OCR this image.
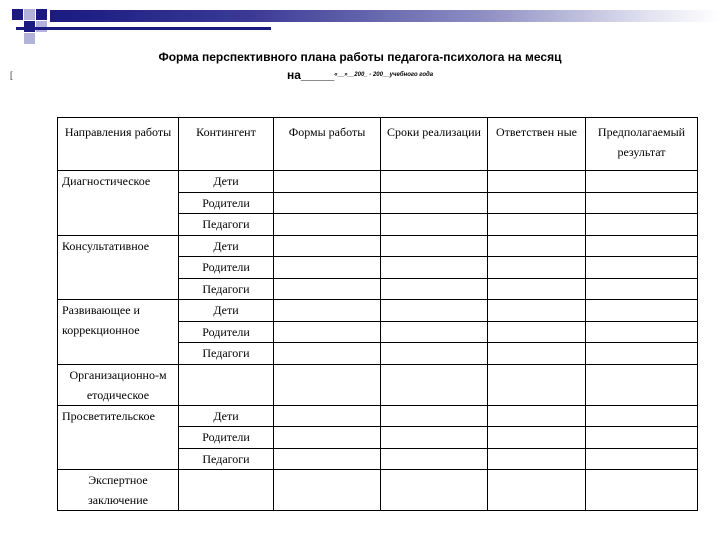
Форма перспективного плана работы педагога-психолога на месяц
на_____$^{«\_\_»\_\_200\_ - 200\_\_учебного года}$
[
Направления работы	Контингент	Формы работы	Сроки реализации	Ответствен ные	Предполагаемый результат
Диагностическое	Дети				
	Родители				
	Педагоги				
Консультативное	Дети				
	Родители				
	Педагоги				
Развивающее и коррекционное	Дети				
	Родители				
	Педагоги				
Организационно-м етодическое					
Просветительское	Дети				
	Родители				
	Педагоги				
Экспертное заключение					
